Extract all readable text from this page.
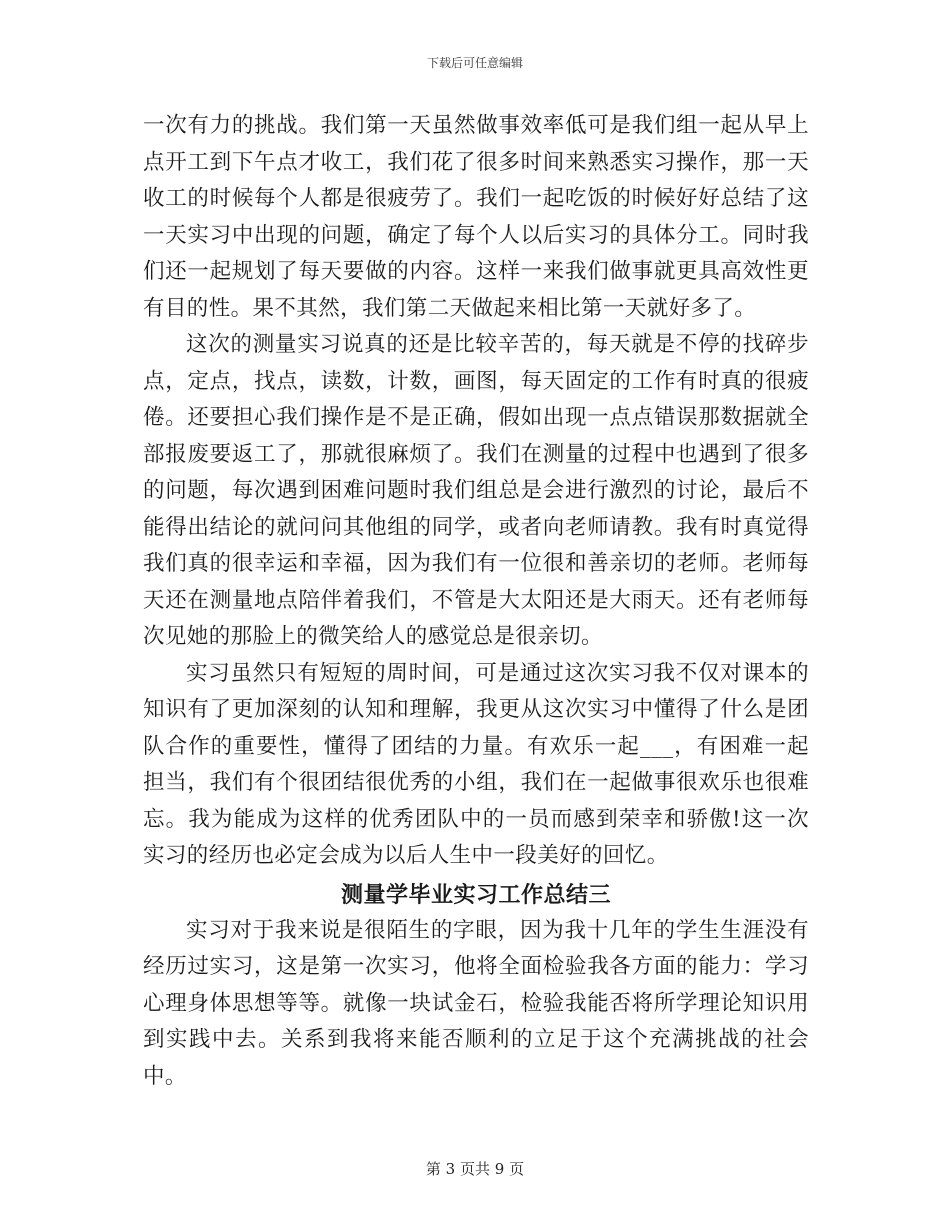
下载后可任意编辑

一次有力的挑战。我们第一天虽然做事效率低可是我们组一起从早上点开工到下午点才收工，我们花了很多时间来熟悉实习操作，那一天收工的时候每个人都是很疲劳了。我们一起吃饭的时候好好总结了这一天实习中出现的问题，确定了每个人以后实习的具体分工。同时我们还一起规划了每天要做的内容。这样一来我们做事就更具高效性更有目的性。果不其然，我们第二天做起来相比第一天就好多了。

这次的测量实习说真的还是比较辛苦的，每天就是不停的找碎步点，定点，找点，读数，计数，画图，每天固定的工作有时真的很疲倦。还要担心我们操作是不是正确，假如出现一点点错误那数据就全部报废要返工了，那就很麻烦了。我们在测量的过程中也遇到了很多的问题，每次遇到困难问题时我们组总是会进行激烈的讨论，最后不能得出结论的就问问其他组的同学，或者向老师请教。我有时真觉得我们真的很幸运和幸福，因为我们有一位很和善亲切的老师。老师每天还在测量地点陪伴着我们，不管是大太阳还是大雨天。还有老师每次见她的那脸上的微笑给人的感觉总是很亲切。

实习虽然只有短短的周时间，可是通过这次实习我不仅对课本的知识有了更加深刻的认知和理解，我更从这次实习中懂得了什么是团队合作的重要性，懂得了团结的力量。有欢乐一起___，有困难一起担当，我们有个很团结很优秀的小组，我们在一起做事很欢乐也很难忘。我为能成为这样的优秀团队中的一员而感到荣幸和骄傲!这一次实习的经历也必定会成为以后人生中一段美好的回忆。

测量学毕业实习工作总结三

实习对于我来说是很陌生的字眼，因为我十几年的学生生涯没有经历过实习，这是第一次实习，他将全面检验我各方面的能力：学习心理身体思想等等。就像一块试金石，检验我能否将所学理论知识用到实践中去。关系到我将来能否顺利的立足于这个充满挑战的社会中。

第 3 页共 9 页
